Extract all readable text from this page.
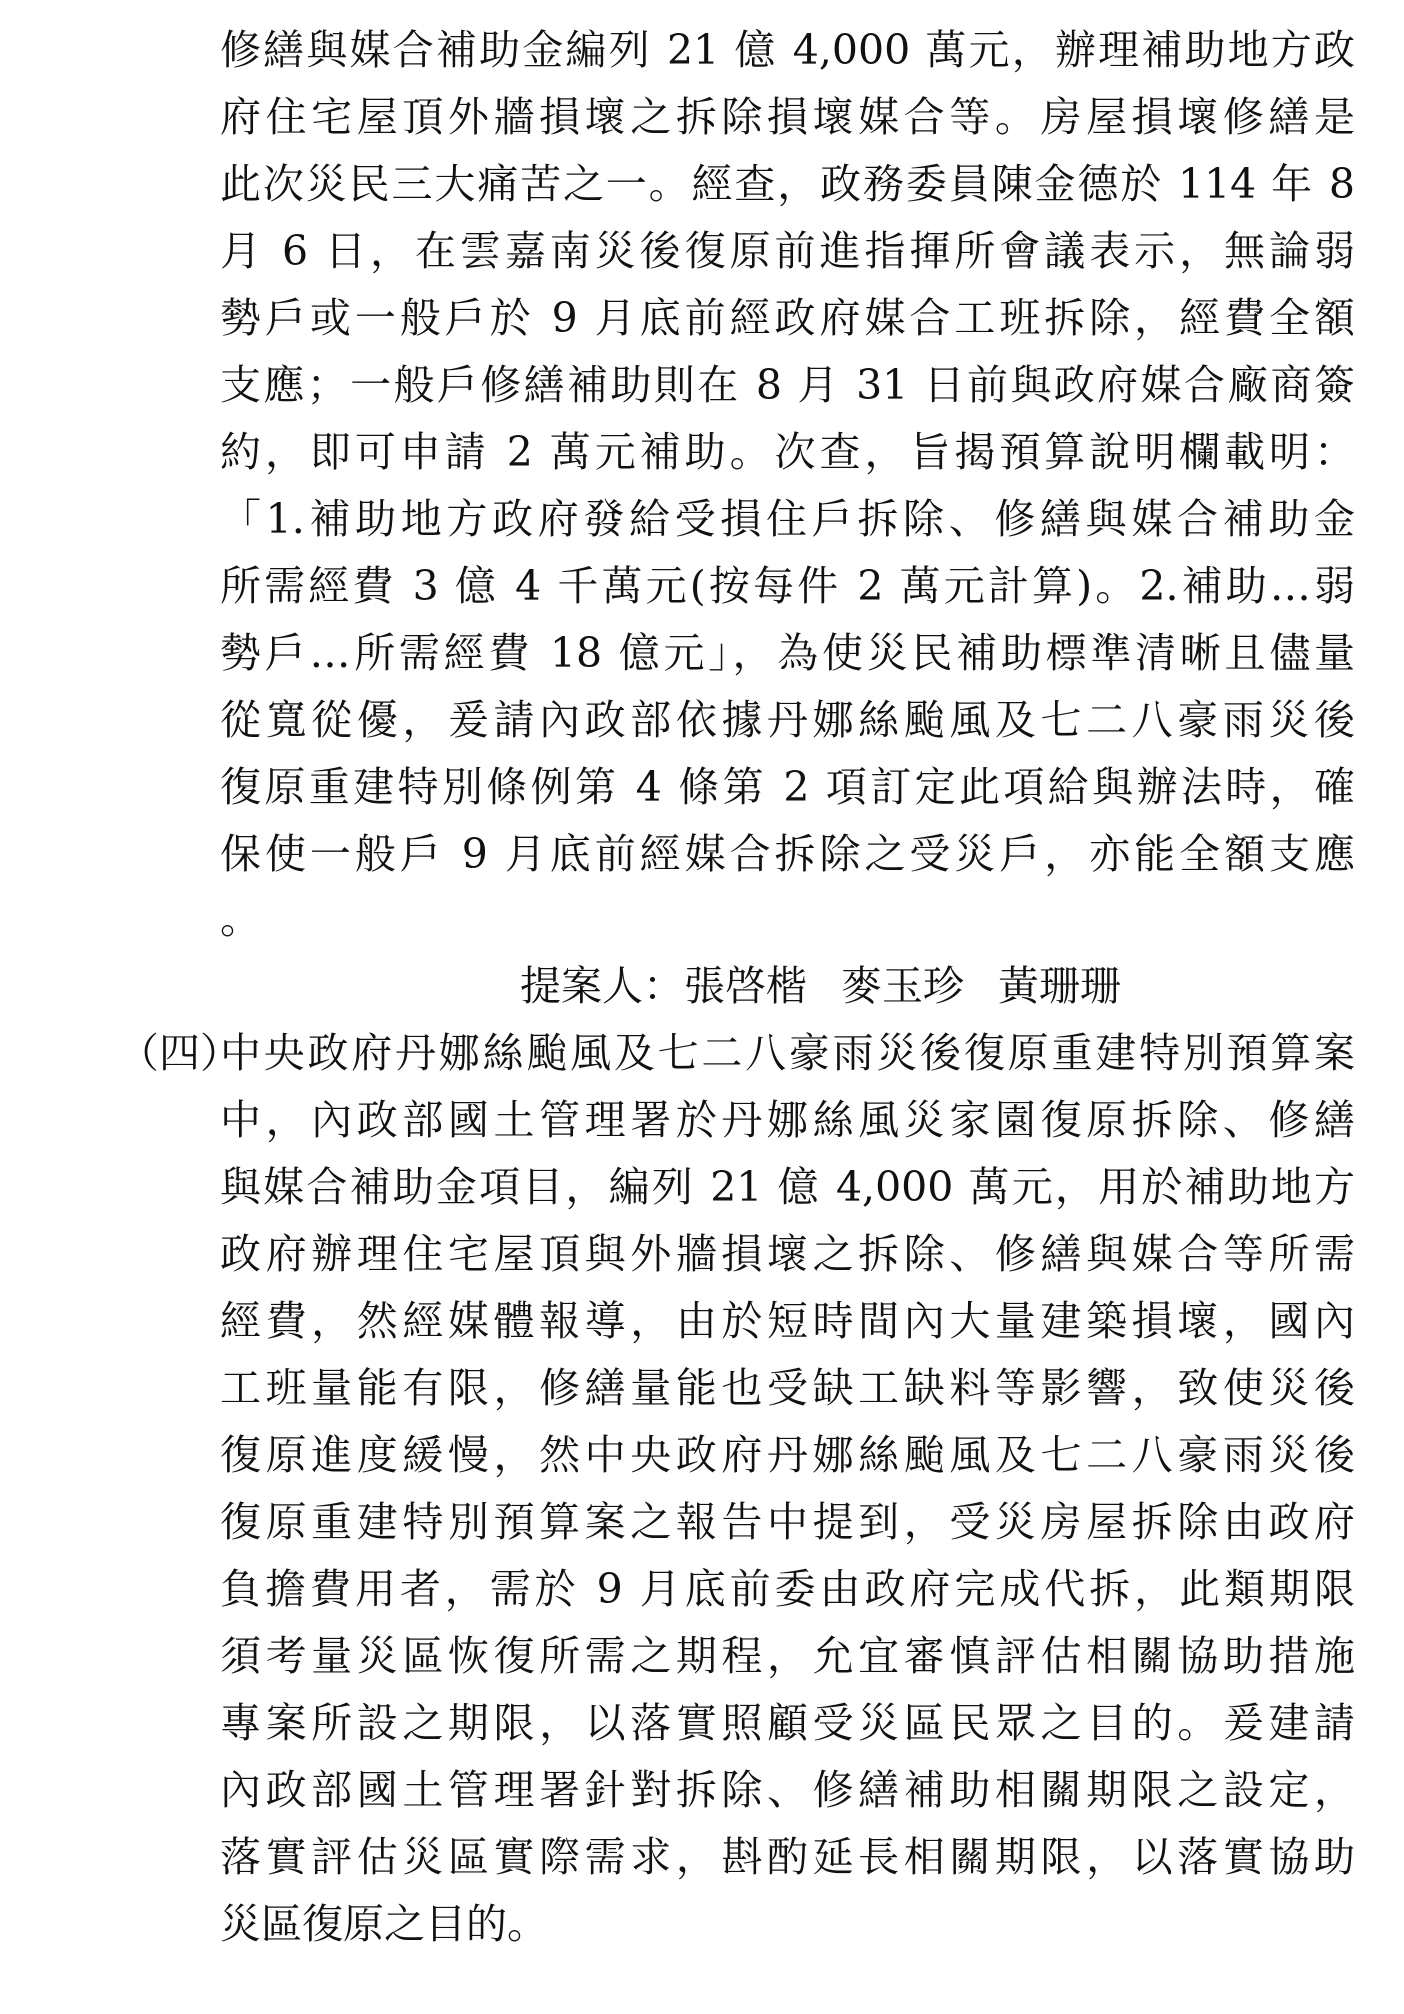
修繕與媒合補助金編列 21 億 4,000 萬元，辦理補助地方政
府住宅屋頂外牆損壞之拆除損壞媒合等。房屋損壞修繕是
此次災民三大痛苦之一。經查，政務委員陳金德於 114 年 8
月 6 日，在雲嘉南災後復原前進指揮所會議表示，無論弱
勢戶或一般戶於 9 月底前經政府媒合工班拆除，經費全額
支應；一般戶修繕補助則在 8 月 31 日前與政府媒合廠商簽
約，即可申請 2 萬元補助。次查，旨揭預算說明欄載明：
「1.補助地方政府發給受損住戶拆除、修繕與媒合補助金
所需經費 3 億 4 千萬元(按每件 2 萬元計算)。2.補助…弱
勢戶…所需經費 18 億元」，為使災民補助標準清晰且儘量
從寬從優，爰請內政部依據丹娜絲颱風及七二八豪雨災後
復原重建特別條例第 4 條第 2 項訂定此項給與辦法時，確
保使一般戶 9 月底前經媒合拆除之受災戶，亦能全額支應
。
提案人：張啓楷 麥玉珍 黃珊珊
（四）
中央政府丹娜絲颱風及七二八豪雨災後復原重建特別預算案
中，內政部國土管理署於丹娜絲風災家園復原拆除、修繕
與媒合補助金項目，編列 21 億 4,000 萬元，用於補助地方
政府辦理住宅屋頂與外牆損壞之拆除、修繕與媒合等所需
經費，然經媒體報導，由於短時間內大量建築損壞，國內
工班量能有限，修繕量能也受缺工缺料等影響，致使災後
復原進度緩慢，然中央政府丹娜絲颱風及七二八豪雨災後
復原重建特別預算案之報告中提到，受災房屋拆除由政府
負擔費用者，需於 9 月底前委由政府完成代拆，此類期限
須考量災區恢復所需之期程，允宜審慎評估相關協助措施
專案所設之期限，以落實照顧受災區民眾之目的。爰建請
內政部國土管理署針對拆除、修繕補助相關期限之設定，
落實評估災區實際需求，斟酌延長相關期限，以落實協助
災區復原之目的。
